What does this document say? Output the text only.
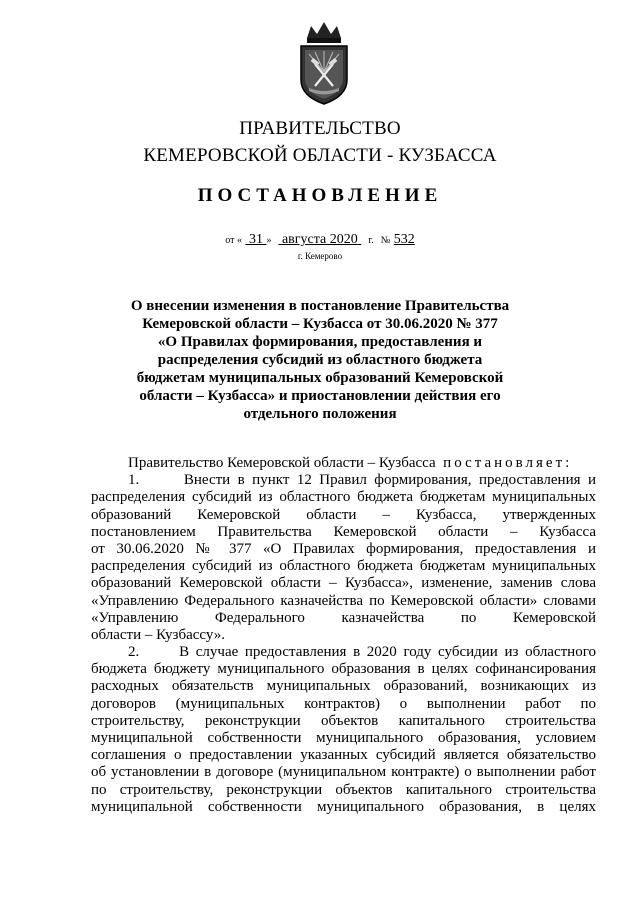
ПРАВИТЕЛЬСТВО
КЕМЕРОВСКОЙ ОБЛАСТИ - КУЗБАССА
ПОСТАНОВЛЕНИЕ
от « 31 » августа 2020 г. № 532
г. Кемерово
О внесении изменения в постановление Правительства
Кемеровской области – Кузбасса от 30.06.2020 № 377
«О Правилах формирования, предоставления и
распределения субсидий из областного бюджета
бюджетам муниципальных образований Кемеровской
области – Кузбасса» и приостановлении действия его
отдельного положения
Правительство Кемеровской области – Кузбасса постановляет:
1.      Внести в пункт 12 Правил формирования, предоставления и
распределения субсидий из областного бюджета бюджетам муниципальных
образований Кемеровской области – Кузбасса, утвержденных
постановлением Правительства Кемеровской области – Кузбасса
от 30.06.2020 № 377 «О Правилах формирования, предоставления и
распределения субсидий из областного бюджета бюджетам муниципальных
образований Кемеровской области – Кузбасса», изменение, заменив слова
«Управлению Федерального казначейства по Кемеровской области» словами
«Управлению Федерального казначейства по Кемеровской
области – Кузбассу».
2.      В случае предоставления в 2020 году субсидии из областного
бюджета бюджету муниципального образования в целях софинансирования
расходных обязательств муниципальных образований, возникающих из
договоров (муниципальных контрактов) о выполнении работ по
строительству, реконструкции объектов капитального строительства
муниципальной собственности муниципального образования, условием
соглашения о предоставлении указанных субсидий является обязательство
об установлении в договоре (муниципальном контракте) о выполнении работ
по строительству, реконструкции объектов капитального строительства
муниципальной собственности муниципального образования, в целях
